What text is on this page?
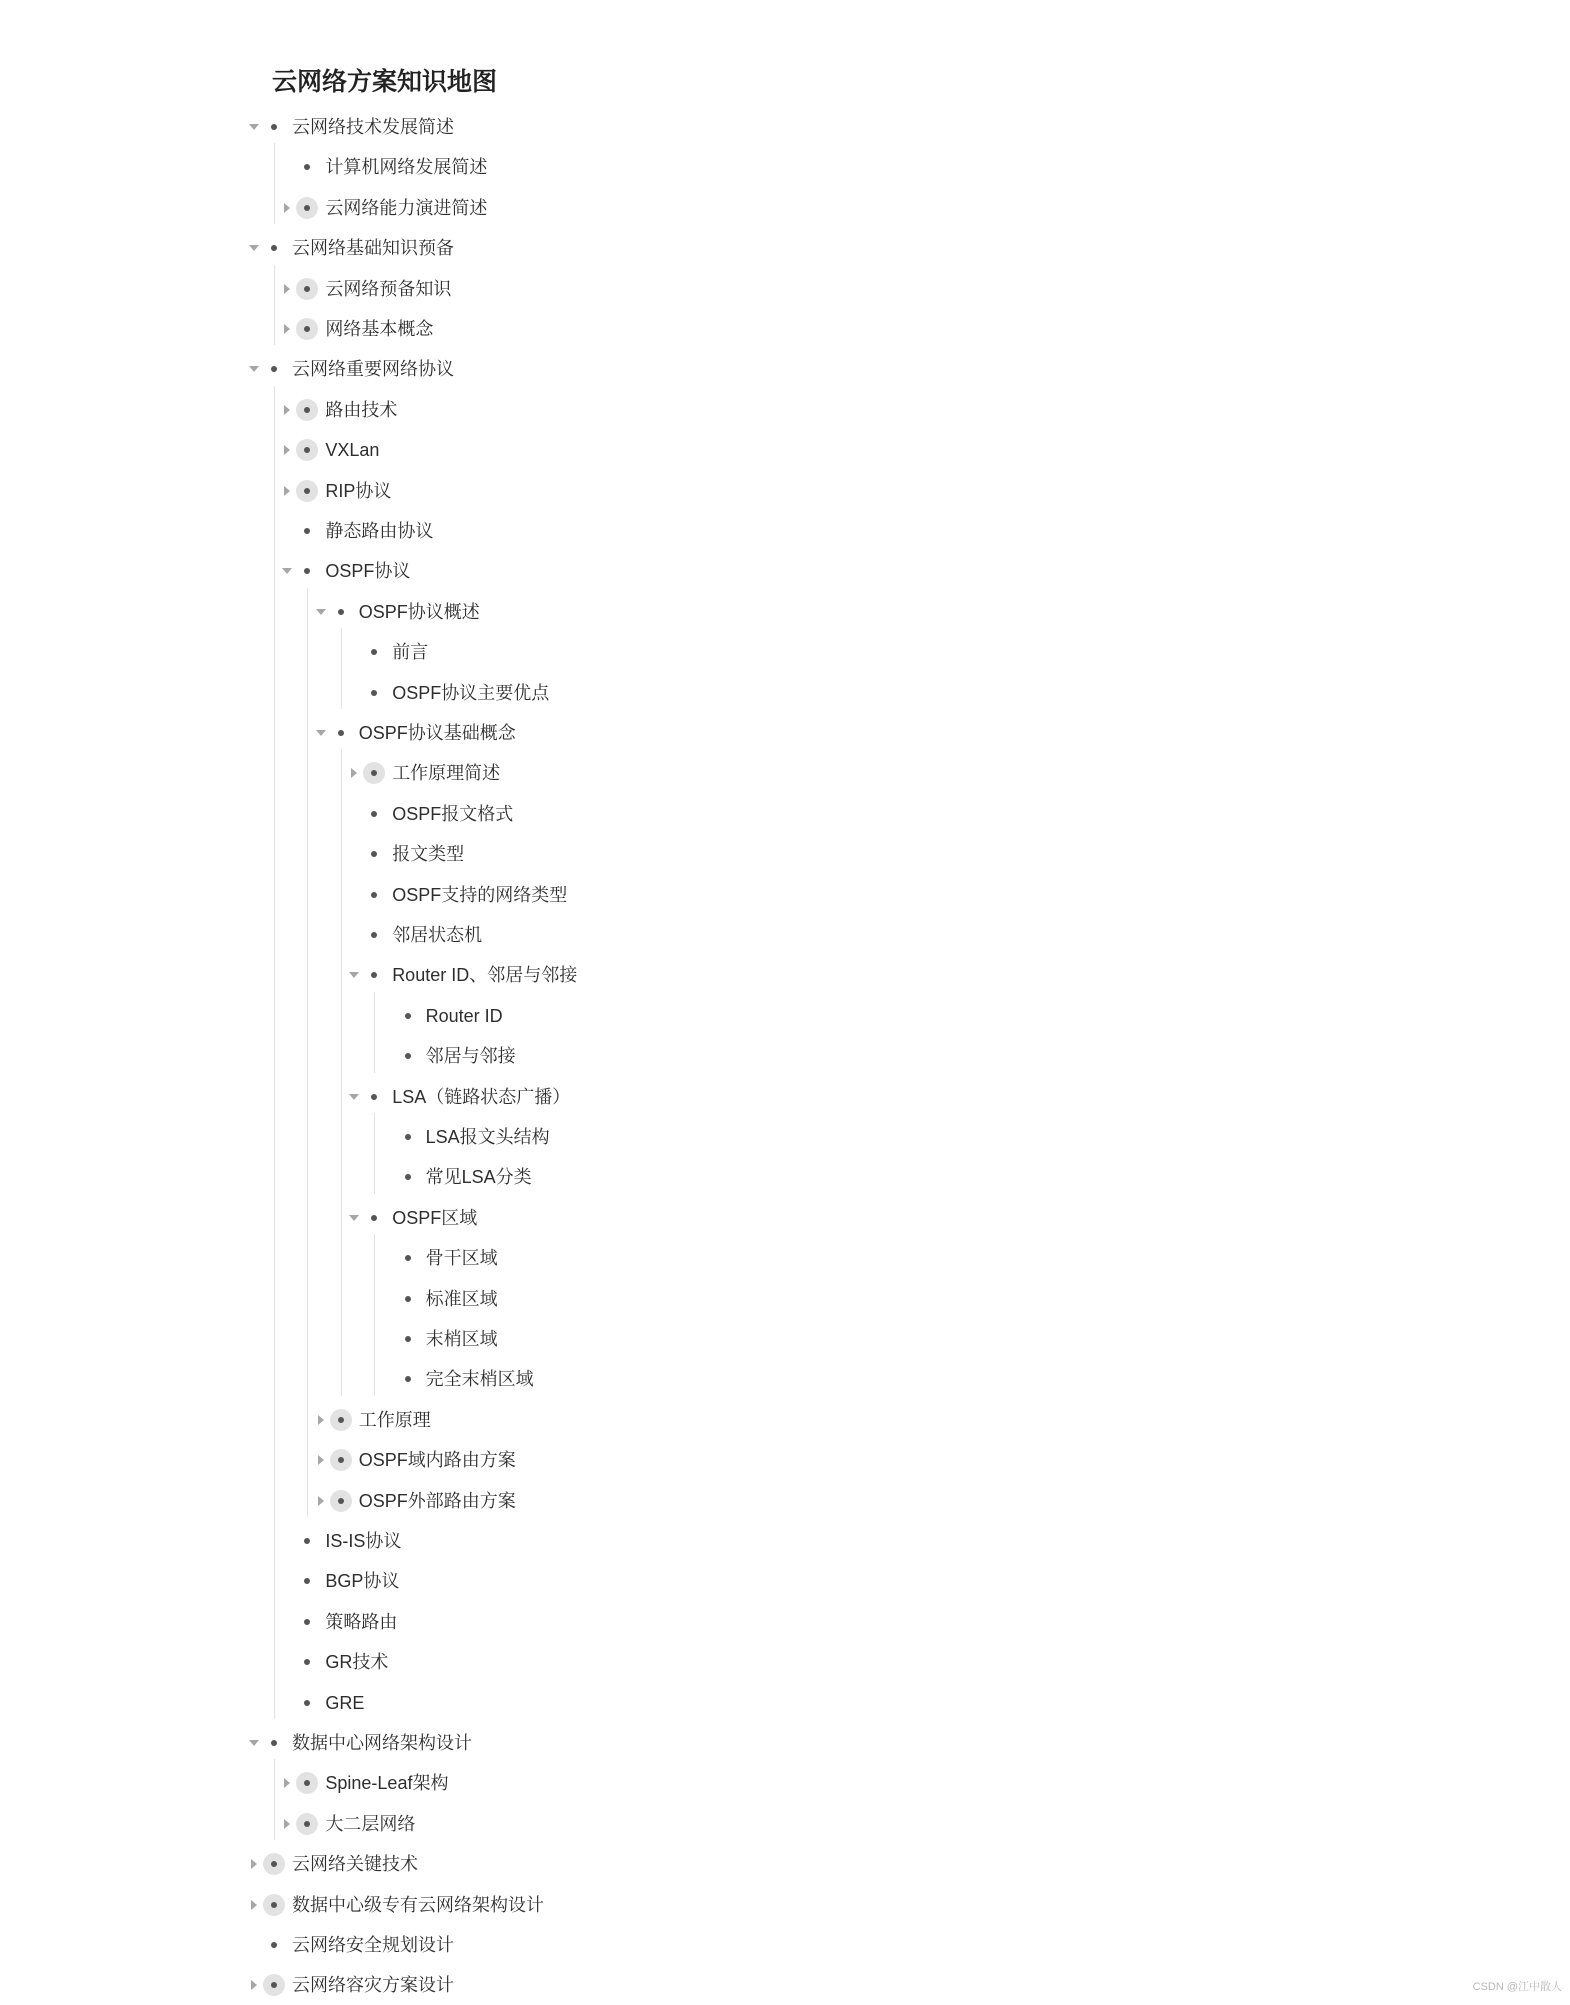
云网络方案知识地图
云网络技术发展简述
计算机网络发展简述
云网络能力演进简述
云网络基础知识预备
云网络预备知识
网络基本概念
云网络重要网络协议
路由技术
VXLan
RIP协议
静态路由协议
OSPF协议
OSPF协议概述
前言
OSPF协议主要优点
OSPF协议基础概念
工作原理简述
OSPF报文格式
报文类型
OSPF支持的网络类型
邻居状态机
Router ID、邻居与邻接
Router ID
邻居与邻接
LSA（链路状态广播）
LSA报文头结构
常见LSA分类
OSPF区域
骨干区域
标准区域
末梢区域
完全末梢区域
工作原理
OSPF域内路由方案
OSPF外部路由方案
IS-IS协议
BGP协议
策略路由
GR技术
GRE
数据中心网络架构设计
Spine-Leaf架构
大二层网络
云网络关键技术
数据中心级专有云网络架构设计
云网络安全规划设计
云网络容灾方案设计	CSDN @江中散人
